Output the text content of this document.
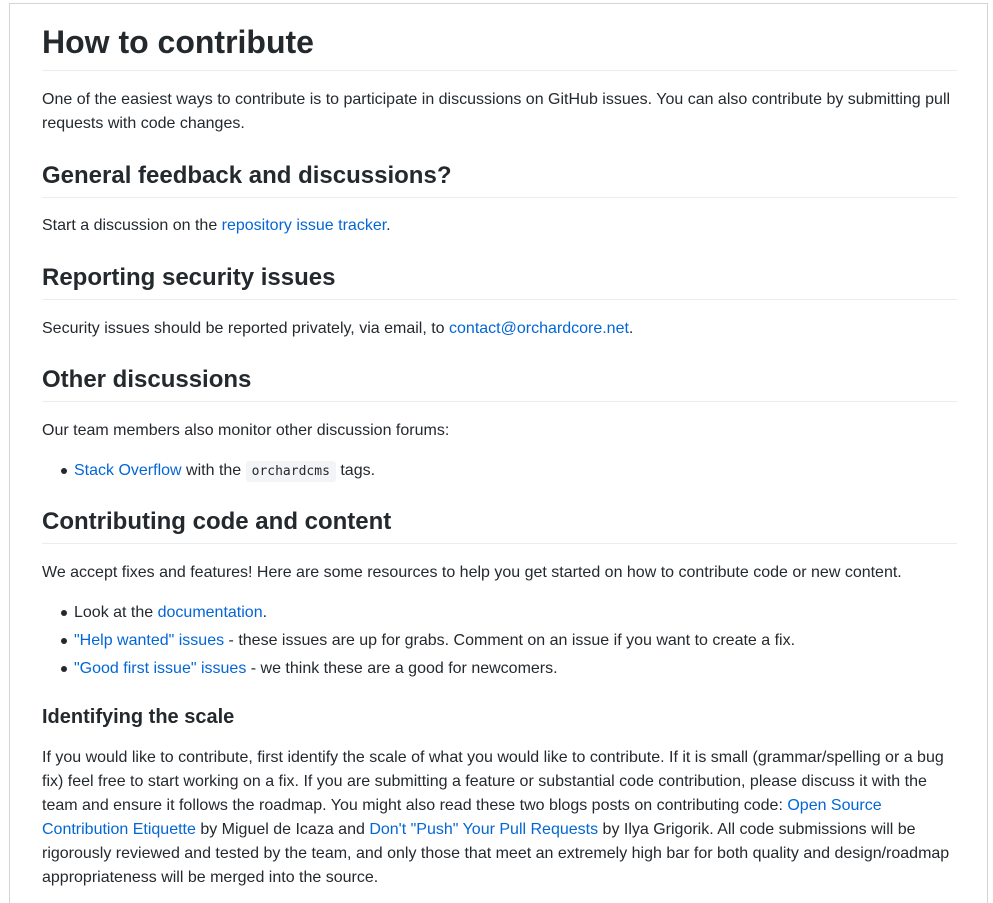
How to contribute

One of the easiest ways to contribute is to participate in discussions on GitHub issues. You can also contribute by submitting pull requests with code changes.

General feedback and discussions?

Start a discussion on the repository issue tracker.

Reporting security issues

Security issues should be reported privately, via email, to contact@orchardcore.net.

Other discussions

Our team members also monitor other discussion forums:

Stack Overflow with the orchardcms tags.
Contributing code and content

We accept fixes and features! Here are some resources to help you get started on how to contribute code or new content.

Look at the documentation.
"Help wanted" issues - these issues are up for grabs. Comment on an issue if you want to create a fix.
"Good first issue" issues - we think these are a good for newcomers.
Identifying the scale

If you would like to contribute, first identify the scale of what you would like to contribute. If it is small (grammar/spelling or a bug fix) feel free to start working on a fix. If you are submitting a feature or substantial code contribution, please discuss it with the team and ensure it follows the roadmap. You might also read these two blogs posts on contributing code: Open Source Contribution Etiquette by Miguel de Icaza and Don't "Push" Your Pull Requests by Ilya Grigorik. All code submissions will be rigorously reviewed and tested by the team, and only those that meet an extremely high bar for both quality and design/roadmap appropriateness will be merged into the source.
